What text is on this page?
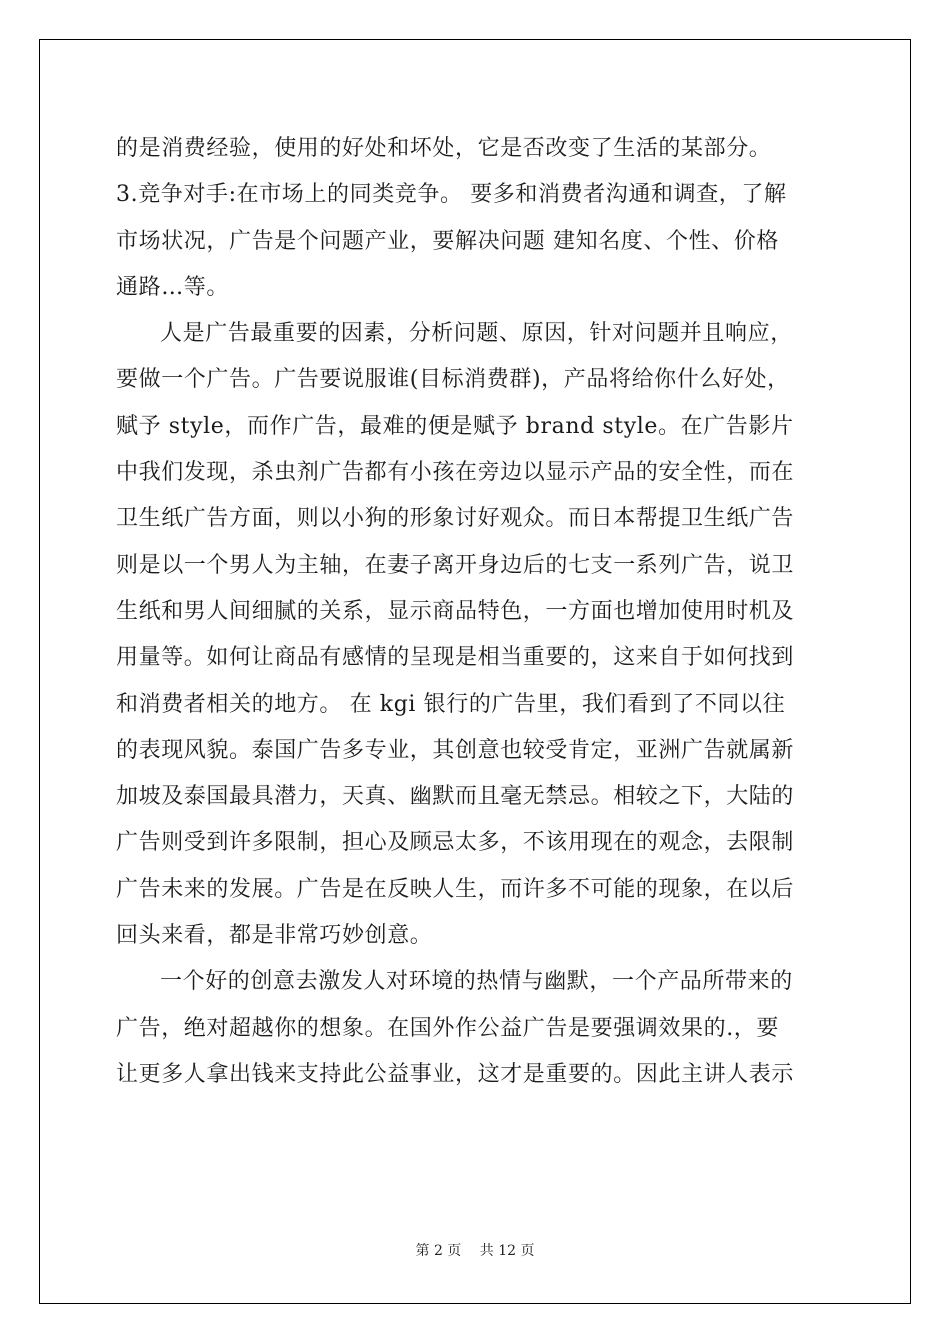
的是消费经验，使用的好处和坏处，它是否改变了生活的某部分。
3.竞争对手:在市场上的同类竞争。 要多和消费者沟通和调查，了解
市场状况，广告是个问题产业，要解决问题 建知名度、个性、价格
通路…等。

人是广告最重要的因素，分析问题、原因，针对问题并且响应，
要做一个广告。广告要说服谁(目标消费群)，产品将给你什么好处，
赋予 style，而作广告，最难的便是赋予 brand style。在广告影片
中我们发现，杀虫剂广告都有小孩在旁边以显示产品的安全性，而在
卫生纸广告方面，则以小狗的形象讨好观众。而日本帮提卫生纸广告
则是以一个男人为主轴，在妻子离开身边后的七支一系列广告，说卫
生纸和男人间细腻的关系，显示商品特色，一方面也增加使用时机及
用量等。如何让商品有感情的呈现是相当重要的，这来自于如何找到
和消费者相关的地方。 在 kgi 银行的广告里，我们看到了不同以往
的表现风貌。泰国广告多专业，其创意也较受肯定，亚洲广告就属新
加坡及泰国最具潜力，天真、幽默而且毫无禁忌。相较之下，大陆的
广告则受到许多限制，担心及顾忌太多，不该用现在的观念，去限制
广告未来的发展。广告是在反映人生，而许多不可能的现象，在以后
回头来看，都是非常巧妙创意。

一个好的创意去激发人对环境的热情与幽默，一个产品所带来的
广告，绝对超越你的想象。在国外作公益广告是要强调效果的.，要
让更多人拿出钱来支持此公益事业，这才是重要的。因此主讲人表示

第 2 页　 共 12 页
